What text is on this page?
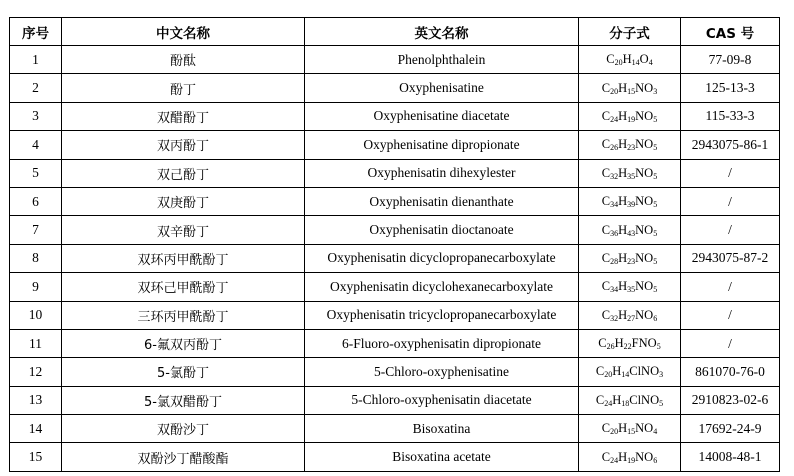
序号	中文名称	英文名称	分子式	CAS 号
1	酚酞	Phenolphthalein	$C_{20}H_{14}O_4$	77-09-8
2	酚丁	Oxyphenisatine	$C_{20}H_{15}NO_3$	125-13-3
3	双醋酚丁	Oxyphenisatine diacetate	$C_{24}H_{19}NO_5$	115-33-3
4	双丙酚丁	Oxyphenisatine dipropionate	$C_{26}H_{23}NO_5$	2943075-86-1
5	双己酚丁	Oxyphenisatin dihexylester	$C_{32}H_{35}NO_5$	/
6	双庚酚丁	Oxyphenisatin dienanthate	$C_{34}H_{39}NO_5$	/
7	双辛酚丁	Oxyphenisatin dioctanoate	$C_{36}H_{43}NO_5$	/
8	双环丙甲酰酚丁	Oxyphenisatin dicyclopropanecarboxylate	$C_{28}H_{23}NO_5$	2943075-87-2
9	双环己甲酰酚丁	Oxyphenisatin dicyclohexanecarboxylate	$C_{34}H_{35}NO_5$	/
10	三环丙甲酰酚丁	Oxyphenisatin tricyclopropanecarboxylate	$C_{32}H_{27}NO_6$	/
11	6-氟双丙酚丁	6-Fluoro-oxyphenisatin dipropionate	$C_{26}H_{22}FNO_5$	/
12	5-氯酚丁	5-Chloro-oxyphenisatine	$C_{20}H_{14}ClNO_3$	861070-76-0
13	5-氯双醋酚丁	5-Chloro-oxyphenisatin diacetate	$C_{24}H_{18}ClNO_5$	2910823-02-6
14	双酚沙丁	Bisoxatina	$C_{20}H_{15}NO_4$	17692-24-9
15	双酚沙丁醋酸酯	Bisoxatina acetate	$C_{24}H_{19}NO_6$	14008-48-1
